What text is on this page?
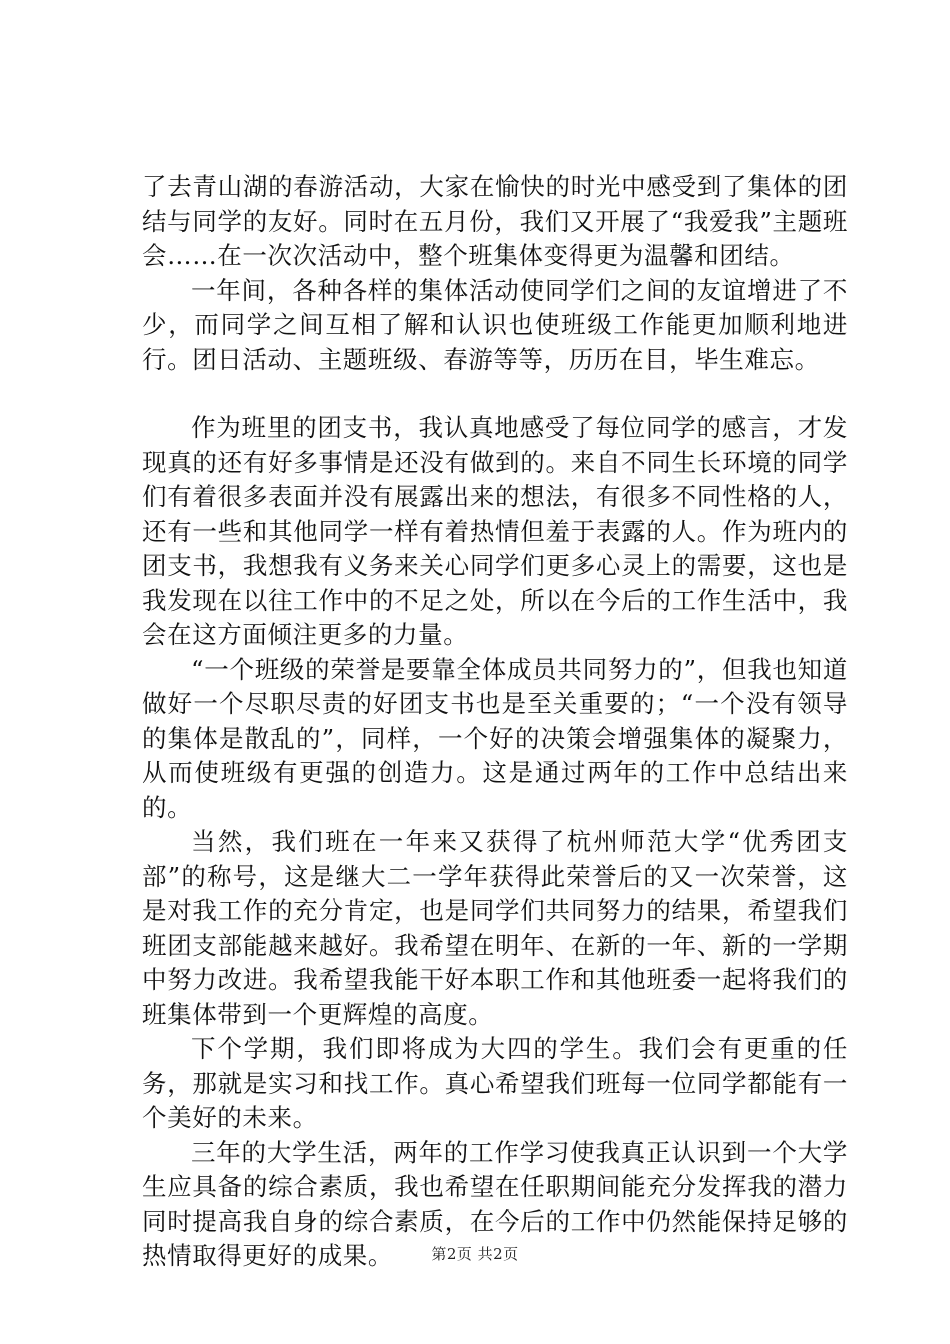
了去青山湖的春游活动，大家在愉快的时光中感受到了集体的团结与同学的友好。同时在五月份，我们又开展了“我爱我”主题班会……在一次次活动中，整个班集体变得更为温馨和团结。

一年间，各种各样的集体活动使同学们之间的友谊增进了不少，而同学之间互相了解和认识也使班级工作能更加顺利地进行。团日活动、主题班级、春游等等，历历在目，毕生难忘。

作为班里的团支书，我认真地感受了每位同学的感言，才发现真的还有好多事情是还没有做到的。来自不同生长环境的同学们有着很多表面并没有展露出来的想法，有很多不同性格的人，还有一些和其他同学一样有着热情但羞于表露的人。作为班内的团支书，我想我有义务来关心同学们更多心灵上的需要，这也是我发现在以往工作中的不足之处，所以在今后的工作生活中，我会在这方面倾注更多的力量。

“一个班级的荣誉是要靠全体成员共同努力的”，但我也知道做好一个尽职尽责的好团支书也是至关重要的；“一个没有领导的集体是散乱的”，同样，一个好的决策会增强集体的凝聚力，从而使班级有更强的创造力。这是通过两年的工作中总结出来的。

当然，我们班在一年来又获得了杭州师范大学“优秀团支部”的称号，这是继大二一学年获得此荣誉后的又一次荣誉，这是对我工作的充分肯定，也是同学们共同努力的结果，希望我们班团支部能越来越好。我希望在明年、在新的一年、新的一学期中努力改进。我希望我能干好本职工作和其他班委一起将我们的班集体带到一个更辉煌的高度。

下个学期，我们即将成为大四的学生。我们会有更重的任务，那就是实习和找工作。真心希望我们班每一位同学都能有一个美好的未来。

三年的大学生活，两年的工作学习使我真正认识到一个大学生应具备的综合素质，我也希望在任职期间能充分发挥我的潜力同时提高我自身的综合素质，在今后的工作中仍然能保持足够的热情取得更好的成果。	第2页 共2页
